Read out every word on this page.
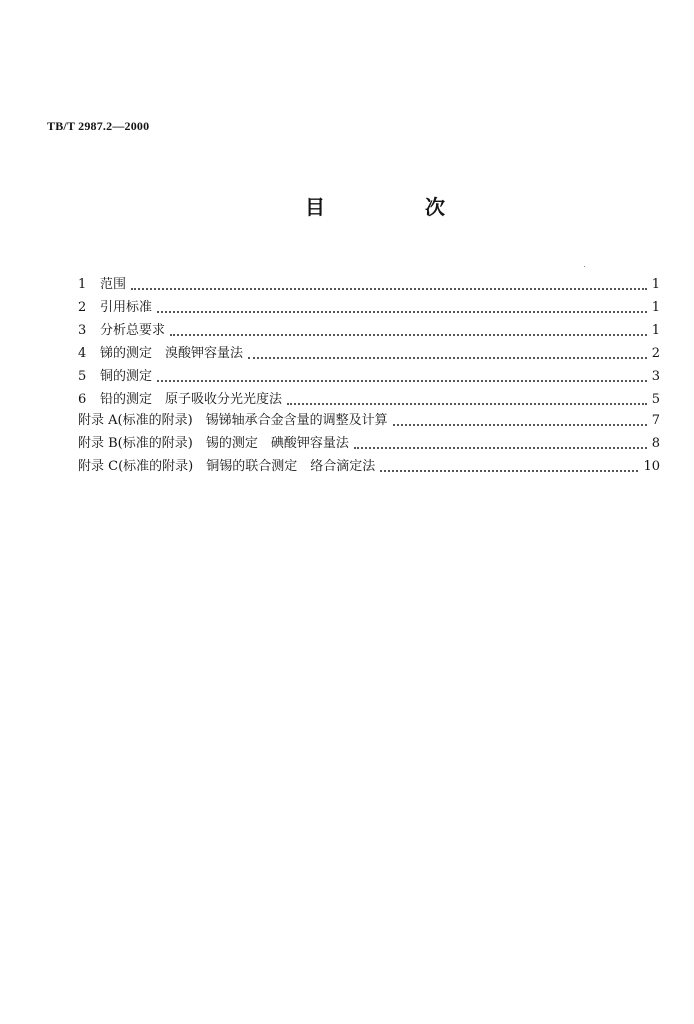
TB/T 2987.2—2000
目　次
1	范围	1
2	引用标准	1
3	分析总要求	1
4	锑的测定　溴酸钾容量法	2
5	铜的测定	3
6	铅的测定　原子吸收分光光度法	5
附录 A(标准的附录)　锡锑轴承合金含量的调整及计算	7
附录 B(标准的附录)　锡的测定　碘酸钾容量法	8
附录 C(标准的附录)　铜锡的联合测定　络合滴定法	10
